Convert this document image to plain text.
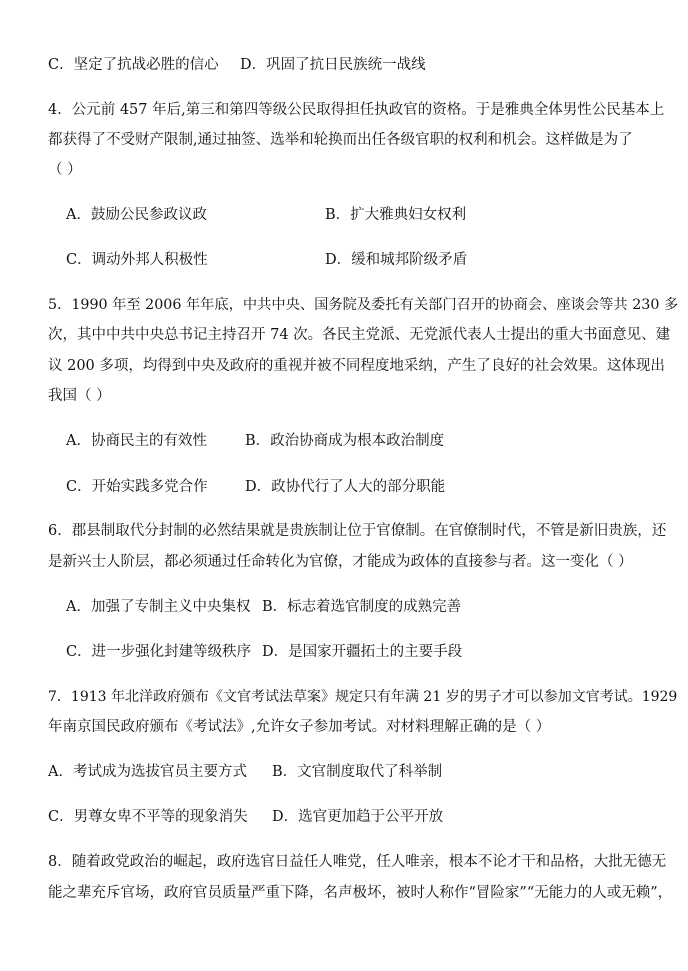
C．坚定了抗战必胜的信心 D．巩固了抗日民族统一战线
4．公元前 457 年后,第三和第四等级公民取得担任执政官的资格。于是雅典全体男性公民基本上
都获得了不受财产限制,通过抽签、选举和轮换而出任各级官职的权利和机会。这样做是为了
（ ）
A．鼓励公民参政议政	B．扩大雅典妇女权利
C．调动外邦人积极性	D．缓和城邦阶级矛盾
5．1990 年至 2006 年年底，中共中央、国务院及委托有关部门召开的协商会、座谈会等共 230 多
次，其中中共中央总书记主持召开 74 次。各民主党派、无党派代表人士提出的重大书面意见、建
议 200 多项，均得到中央及政府的重视并被不同程度地采纳，产生了良好的社会效果。这体现出
我国（ ）
A．协商民主的有效性	B．政治协商成为根本政治制度
C．开始实践多党合作	D．政协代行了人大的部分职能
6．郡县制取代分封制的必然结果就是贵族制让位于官僚制。在官僚制时代，不管是新旧贵族，还
是新兴士人阶层，都必须通过任命转化为官僚，才能成为政体的直接参与者。这一变化（ ）
A．加强了专制主义中央集权 B．标志着选官制度的成熟完善
C．进一步强化封建等级秩序 D．是国家开疆拓土的主要手段
7．1913 年北洋政府颁布《文官考试法草案》规定只有年满 21 岁的男子才可以参加文官考试。1929
年南京国民政府颁布《考试法》,允许女子参加考试。对材料理解正确的是（ ）
A．考试成为选拔官员主要方式 B．文官制度取代了科举制
C．男尊女卑不平等的现象消失 D．选官更加趋于公平开放
8．随着政党政治的崛起，政府选官日益任人唯党，任人唯亲，根本不论才干和品格，大批无德无
能之辈充斥官场，政府官员质量严重下降，名声极坏，被时人称作“冒险家”“无能力的人或无赖”，
